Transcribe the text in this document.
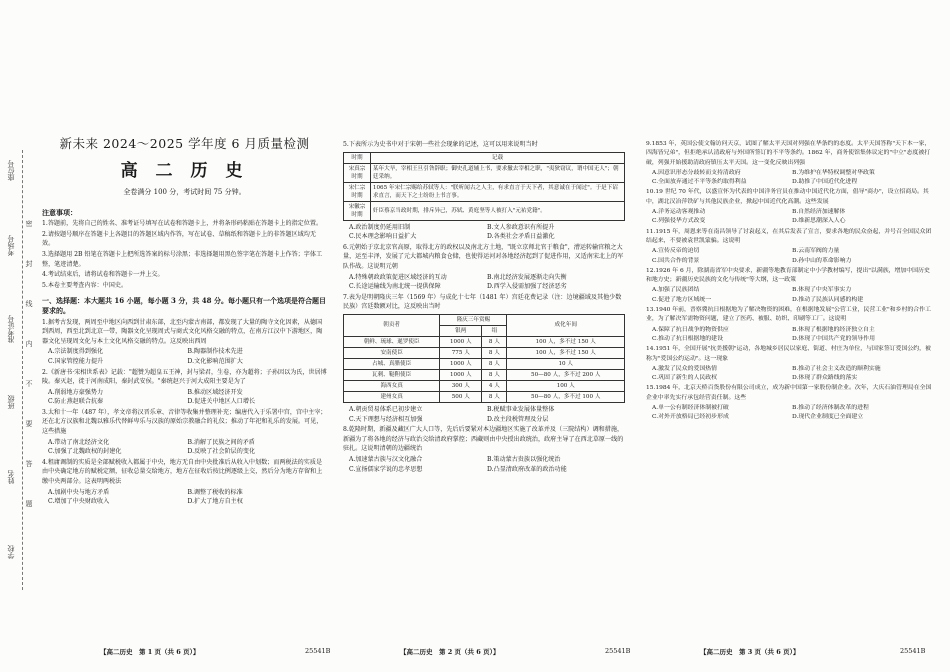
学校
姓名
班级
准考证号
考场号
座位号
密
封
线
内
不
要
答
题
新未来 2024～2025 学年度 6 月质量检测
高 二 历 史
全卷满分 100 分，考试时间 75 分钟。
注意事项：
1.答题前，先将自己的姓名、准考证号填写在试卷和答题卡上，并将条形码粘贴在答题卡上的指定位置。
2.请按题号顺序在答题卡上各题目的答题区域内作答，写在试卷、草稿纸和答题卡上的非答题区域均无效。
3.选择题用 2B 铅笔在答题卡上把所选答案的标号涂黑；非选择题用黑色签字笔在答题卡上作答；字体工整，笔迹清楚。
4.考试结束后，请将试卷和答题卡一并上交。
5.本卷主要考查内容：中国史。
一、选择题：本大题共 16 小题，每小题 3 分，共 48 分。每小题只有一个选项是符合题目要求的。
1.据考古发现，两周至中地区向西到甘肃东部，北至内蒙古南部，都发现了大量的陶寺文化因素，从德国到西周，西至北到北京一带，陶器文化呈现周式与商式文化风格交融的特点，在南方江汉中下游地区，陶器文化呈现周文化与本土文化风格交融的特点。这反映出西周
A.宗法制度得到强化	B.陶器制作技术先进
C.国家管控能力提升	D.文化影响范围扩大
2.《新唐书·宋相世系表》记载："超赞为超皇五王神，封与梁君，生卷，亦为超将；子孙因以为氏，世居博陵。秦灭赵，徙于河南成阳，秦封武安侯。"秦统赵兴于河大成阳主要是为了
A.削弱地方豪强势力	B.推动区域经济开发
C.防止燕赵联合抗秦	D.促进关中地区人口增长
3.太和十一年（487 年），孝文帝将汉晋乐章、音律等收集并整理补充；编唐代入于乐署中宫，宫中主宰；还在北方汉族和北魏以雅乐代替鲜卑乐与汉族的原始宗教融合的礼仪；推动了年祀和礼乐的发展。可见，这些措施
A.带动了南北经济文化	B.消解了民族之间的矛盾
C.加强了北魏政权的封建化	D.反映了社会阶层的变化
4.租庸调制的实质是全部赋税收入都属于中央，地方无自由中央批准后从收入中划数；而两税法的实质是由中央确定地方的赋税定额，征收总量交给地方，地方在征收后按比例逐级上交，然后分为地方存留和上缴中央两部分。这表明两税法
A.加剧中央与地方矛盾	B.调整了税收的标准
C.增加了中央财政收入	D.扩大了地方自主权
5.下表所示为史书中对于宋朝一些社会现象的记述，这可以用来说明当时
时期	记载
宋真宗时期	某年大旱，宰相王旦引咎辞职；御史孔道辅上书，要求撤去宰相之职，"夷狄窃议，谓中国无人"；朝廷采纳。
宋仁宗时期	1065 年宋仁宗赐给苏轼等人："朕听闻古之人主，有求直言于天下者，其意诚在于闻过"。于是下诏求直言，而天下之士纷纷上书言事。
宋徽宗时期	奸臣蔡京当政时期，排斥异己，苏轼、黄庭坚等人被打入"元祐党籍"。
A.政治制度仍延用旧制	B.文人参政意识有所提升
C.民本理念影响日益扩大	D.各类社会矛盾日益激化
6.元朝始于京北京官高原，取得北方的政权以及南北方土地，"既立京师北官于粮食"，漕运转输官粮之大量，运至丰泽，发展了元大都城内粮食仓储，也使得运河对各地经济起到了促进作用，又适南宋北上的军队作战。这说明元朝
A.特殊朝政政策促进区域经济的互动	B.南北经济发展逐渐走向失衡
C.长途运输线为南北统一提供保障	D.西学入侵需加强了经济恶劣
7.表为是明朝隆庆三年（1569 年）与成化十七年（1481 年）宫廷花费记录（注：边境疆域及其他少数民族）宫廷数额对比，这反映出当时
朝贡者	隆庆三年赏赐		成化年间
	银两	绢	
朝鲜、琉球、暹罗使臣	1000 人	8 人	100 人，多不过 150 人
安南使臣	775 人	8 人	100 人，多不过 150 人
占城、真腊使臣	1000 人	8 人	10 人
瓦剌、鞑靼使臣	1000 人	8 人	50—80 人，多不过 200 人
海西女真	300 人	4 人	100 人
建州女真	500 人	8 人	50—80 人，多不过 100 人
A.朝贡贸易体系已初步建立	B.税赋事业发展体量整体
C.天下理想与经济相互加强	D.改主段税管理及分层
8.乾隆时期，新疆及藏区广大人口等，先后后要紧对本边疆地区实施了改革并及（三院结构）调和措施，新疆为了将各地的经济与政治交给清政府掌控；西藏则由中央授出政统治，政府主导了在西北草原一线的驻扎。这说明清朝的边疆统治
A.加速蒙古族与汉文化融合	B.策动蒙古贵族以强化统治
C.宣扬儒家学说的忠孝思想	D.凸显清政府改革的政治功能
9.1853 年，英国公使文翰访问天京，试图了解太平天国对列强在华条约的态度。太平天国答称"天下本一家，四海皆兄弟"，但拒绝承认清政府与外国所签订的不平等条约。1862 年，商务使馆集体议定的"中立"态度被打破，列强开始援助清政府镇压太平天国。这一变化反映出列强
A.因意识形态分歧转而支持清政府	B.为维护在华特权调整对华政策
C.全面放弃通过不平等条约取得利益	D.助推了中国近代化进程
10.19 世纪 70 年代，以盛宣怀为代表的中国洋务官员在推动中国近代化方面，倡导"商办"，设立招商局。其中，湖北汉冶萍铁矿与其他民族企业，掀起中国近代化高潮。这些发展
A.洋务运动客观推动	B.自然经济加速解体
C.列强侵华方式改变	D.维新思潮深入人心
11.1915 年，周恩来等在南昌领导了讨袁起义，在其后发表了宣言，要求各地的民众奋起，并号召全国民众团结起来，不要被袁世凯蒙骗。这说明
A.宣传反帝的迫切	B.云南军阀的力量
C.国共合作的背景	D.孙中山的革命影响力
12.1926 年 6 月，除湖南省军中央要求，新疆等地教育部制定中小学教材编写，提出"以满族，增加中国历史和地方史；新疆历史民族的文化与传统"等大纲，这一政策
A.加强了民族团结	B.体现了中央军事实力
C.促进了地方区域统一	D.推动了民族认同感的构建
13.1940 年前，晋察冀抗日根据地为了解决物资的困难，在根据地发展"公营工业，民营工业"和乡村的合作工业，为了解决军需物资问题，建立了医药、被服、纺织、印刷等工厂。这说明
A.保障了抗日战争的物资供应	B.体现了根据地的经济独立自主
C.推动了抗日根据地的建设	D.体现了中国共产党的领导作用
14.1951 年，全国开展"抗美援朝"运动，各地城乡居民以家庭、街道、村庄为单位，与国家签订爱国公约，被称为"爱国公约运动"。这一现象
A.激发了民众的爱国热情	B.推动了社会主义改造的顺利实施
C.巩固了新生的人民政权	D.体现了群众路线的落实
15.1984 年，北京天桥百货股份有限公司成立，成为新中国第一家股份制企业。次年，大庆石油管理局在全国企业中率先实行承包经营责任制。这些
A.单一公有制经济体制被打破	B.推动了经济体制改革的进程
C.对外开放格局已经初步形成	D.现代企业制度已全面建立
【高二历史　第 1 页（共 6 页）】	25541B	【高二历史　第 2 页（共 6 页）】	25541B	【高二历史　第 3 页（共 6 页）】	25541B
